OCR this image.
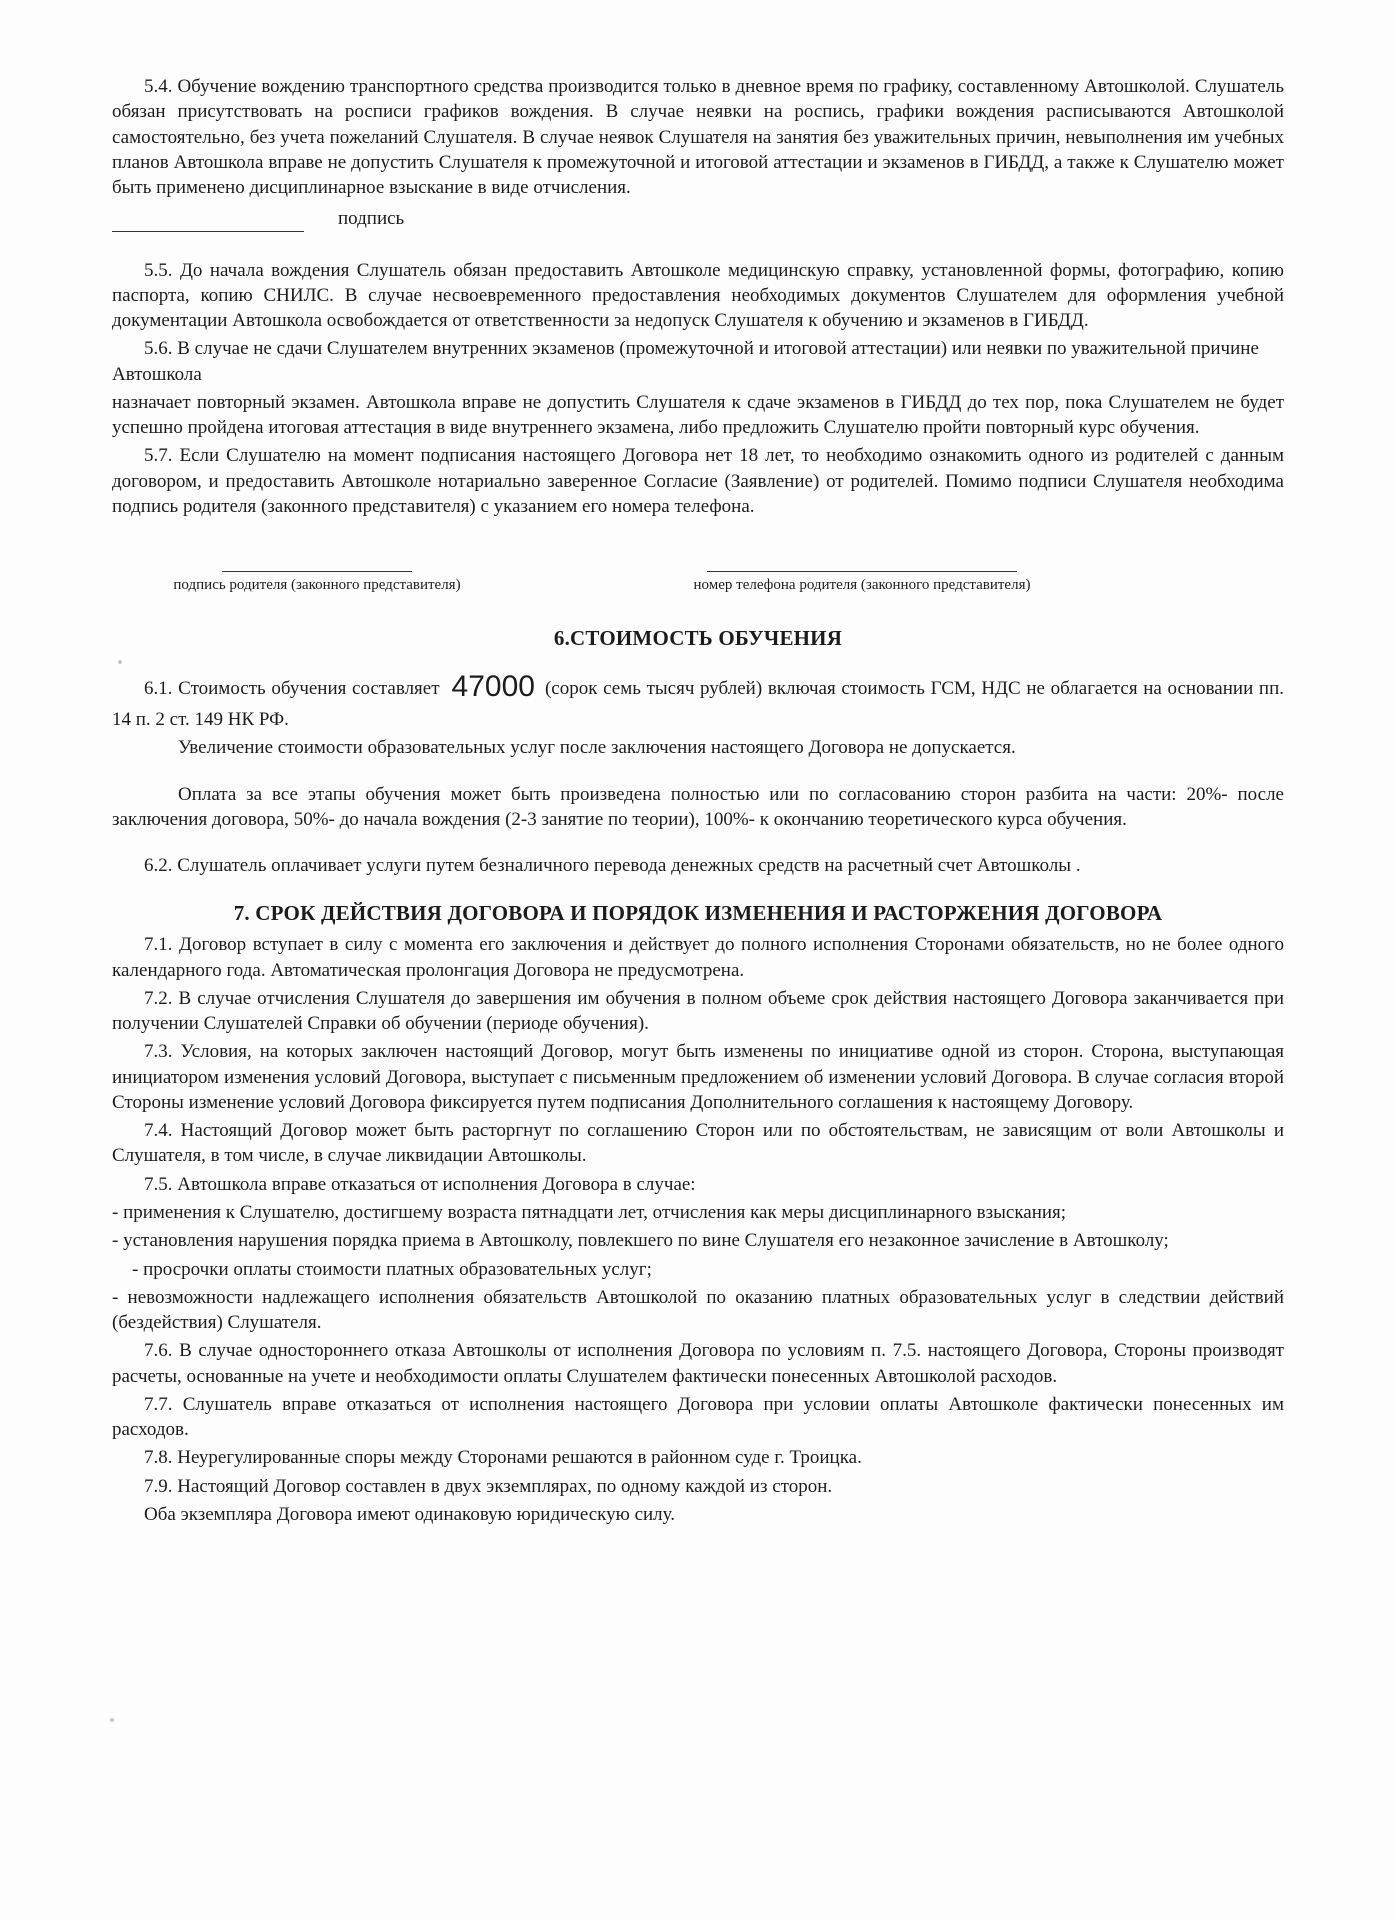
5.4. Обучение вождению транспортного средства производится только в дневное время по графику, составленному Автошколой. Слушатель обязан присутствовать на росписи графиков вождения. В случае неявки на роспись, графики вождения расписываются Автошколой самостоятельно, без учета пожеланий Слушателя. В случае неявок Слушателя на занятия без уважительных причин, невыполнения им учебных планов Автошкола вправе не допустить Слушателя к промежуточной и итоговой аттестации и экзаменов в ГИБДД, а также к Слушателю может быть применено дисциплинарное взыскание в виде отчисления.

подпись

5.5. До начала вождения Слушатель обязан предоставить Автошколе медицинскую справку, установленной формы, фотографию, копию паспорта, копию СНИЛС. В случае несвоевременного предоставления необходимых документов Слушателем для оформления учебной документации Автошкола освобождается от ответственности за недопуск Слушателя к обучению и экзаменов в ГИБДД.

5.6. В случае не сдачи Слушателем внутренних экзаменов (промежуточной и итоговой аттестации) или неявки по уважительной причине Автошкола

назначает повторный экзамен. Автошкола вправе не допустить Слушателя к сдаче экзаменов в ГИБДД до тех пор, пока Слушателем не будет успешно пройдена итоговая аттестация в виде внутреннего экзамена, либо предложить Слушателю пройти повторный курс обучения.

5.7. Если Слушателю на момент подписания настоящего Договора нет 18 лет, то необходимо ознакомить одного из родителей с данным договором, и предоставить Автошколе нотариально заверенное Согласие (Заявление) от родителей. Помимо подписи Слушателя необходима подпись родителя (законного представителя) с указанием его номера телефона.

подпись родителя (законного представителя)	номер телефона родителя (законного представителя)
6.СТОИМОСТЬ ОБУЧЕНИЯ

6.1. Стоимость обучения составляет 47000 (сорок семь тысяч рублей) включая стоимость ГСМ, НДС не облагается на основании пп. 14 п. 2 ст. 149 НК РФ.

Увеличение стоимости образовательных услуг после заключения настоящего Договора не допускается.

Оплата за все этапы обучения может быть произведена полностью или по согласованию сторон разбита на части: 20%- после заключения договора, 50%- до начала вождения (2-3 занятие по теории), 100%- к окончанию теоретического курса обучения.

6.2. Слушатель оплачивает услуги путем безналичного перевода денежных средств на расчетный счет Автошколы .

7. СРОК ДЕЙСТВИЯ ДОГОВОРА И ПОРЯДОК ИЗМЕНЕНИЯ И РАСТОРЖЕНИЯ ДОГОВОРА

7.1. Договор вступает в силу с момента его заключения и действует до полного исполнения Сторонами обязательств, но не более одного календарного года. Автоматическая пролонгация Договора не предусмотрена.

7.2. В случае отчисления Слушателя до завершения им обучения в полном объеме срок действия настоящего Договора заканчивается при получении Слушателей Справки об обучении (периоде обучения).

7.3. Условия, на которых заключен настоящий Договор, могут быть изменены по инициативе одной из сторон. Сторона, выступающая инициатором изменения условий Договора, выступает с письменным предложением об изменении условий Договора. В случае согласия второй Стороны изменение условий Договора фиксируется путем подписания Дополнительного соглашения к настоящему Договору.

7.4. Настоящий Договор может быть расторгнут по соглашению Сторон или по обстоятельствам, не зависящим от воли Автошколы и Слушателя, в том числе, в случае ликвидации Автошколы.

7.5. Автошкола вправе отказаться от исполнения Договора в случае:

- применения к Слушателю, достигшему возраста пятнадцати лет, отчисления как меры дисциплинарного взыскания;

- установления нарушения порядка приема в Автошколу, повлекшего по вине Слушателя его незаконное зачисление в Автошколу;

- просрочки оплаты стоимости платных образовательных услуг;

- невозможности надлежащего исполнения обязательств Автошколой по оказанию платных образовательных услуг в следствии действий (бездействия) Слушателя.

7.6. В случае одностороннего отказа Автошколы от исполнения Договора по условиям п. 7.5. настоящего Договора, Стороны производят расчеты, основанные на учете и необходимости оплаты Слушателем фактически понесенных Автошколой расходов.

7.7. Слушатель вправе отказаться от исполнения настоящего Договора при условии оплаты Автошколе фактически понесенных им расходов.

7.8. Неурегулированные споры между Сторонами решаются в районном суде г. Троицка.

7.9. Настоящий Договор составлен в двух экземплярах, по одному каждой из сторон.

Оба экземпляра Договора имеют одинаковую юридическую силу.
